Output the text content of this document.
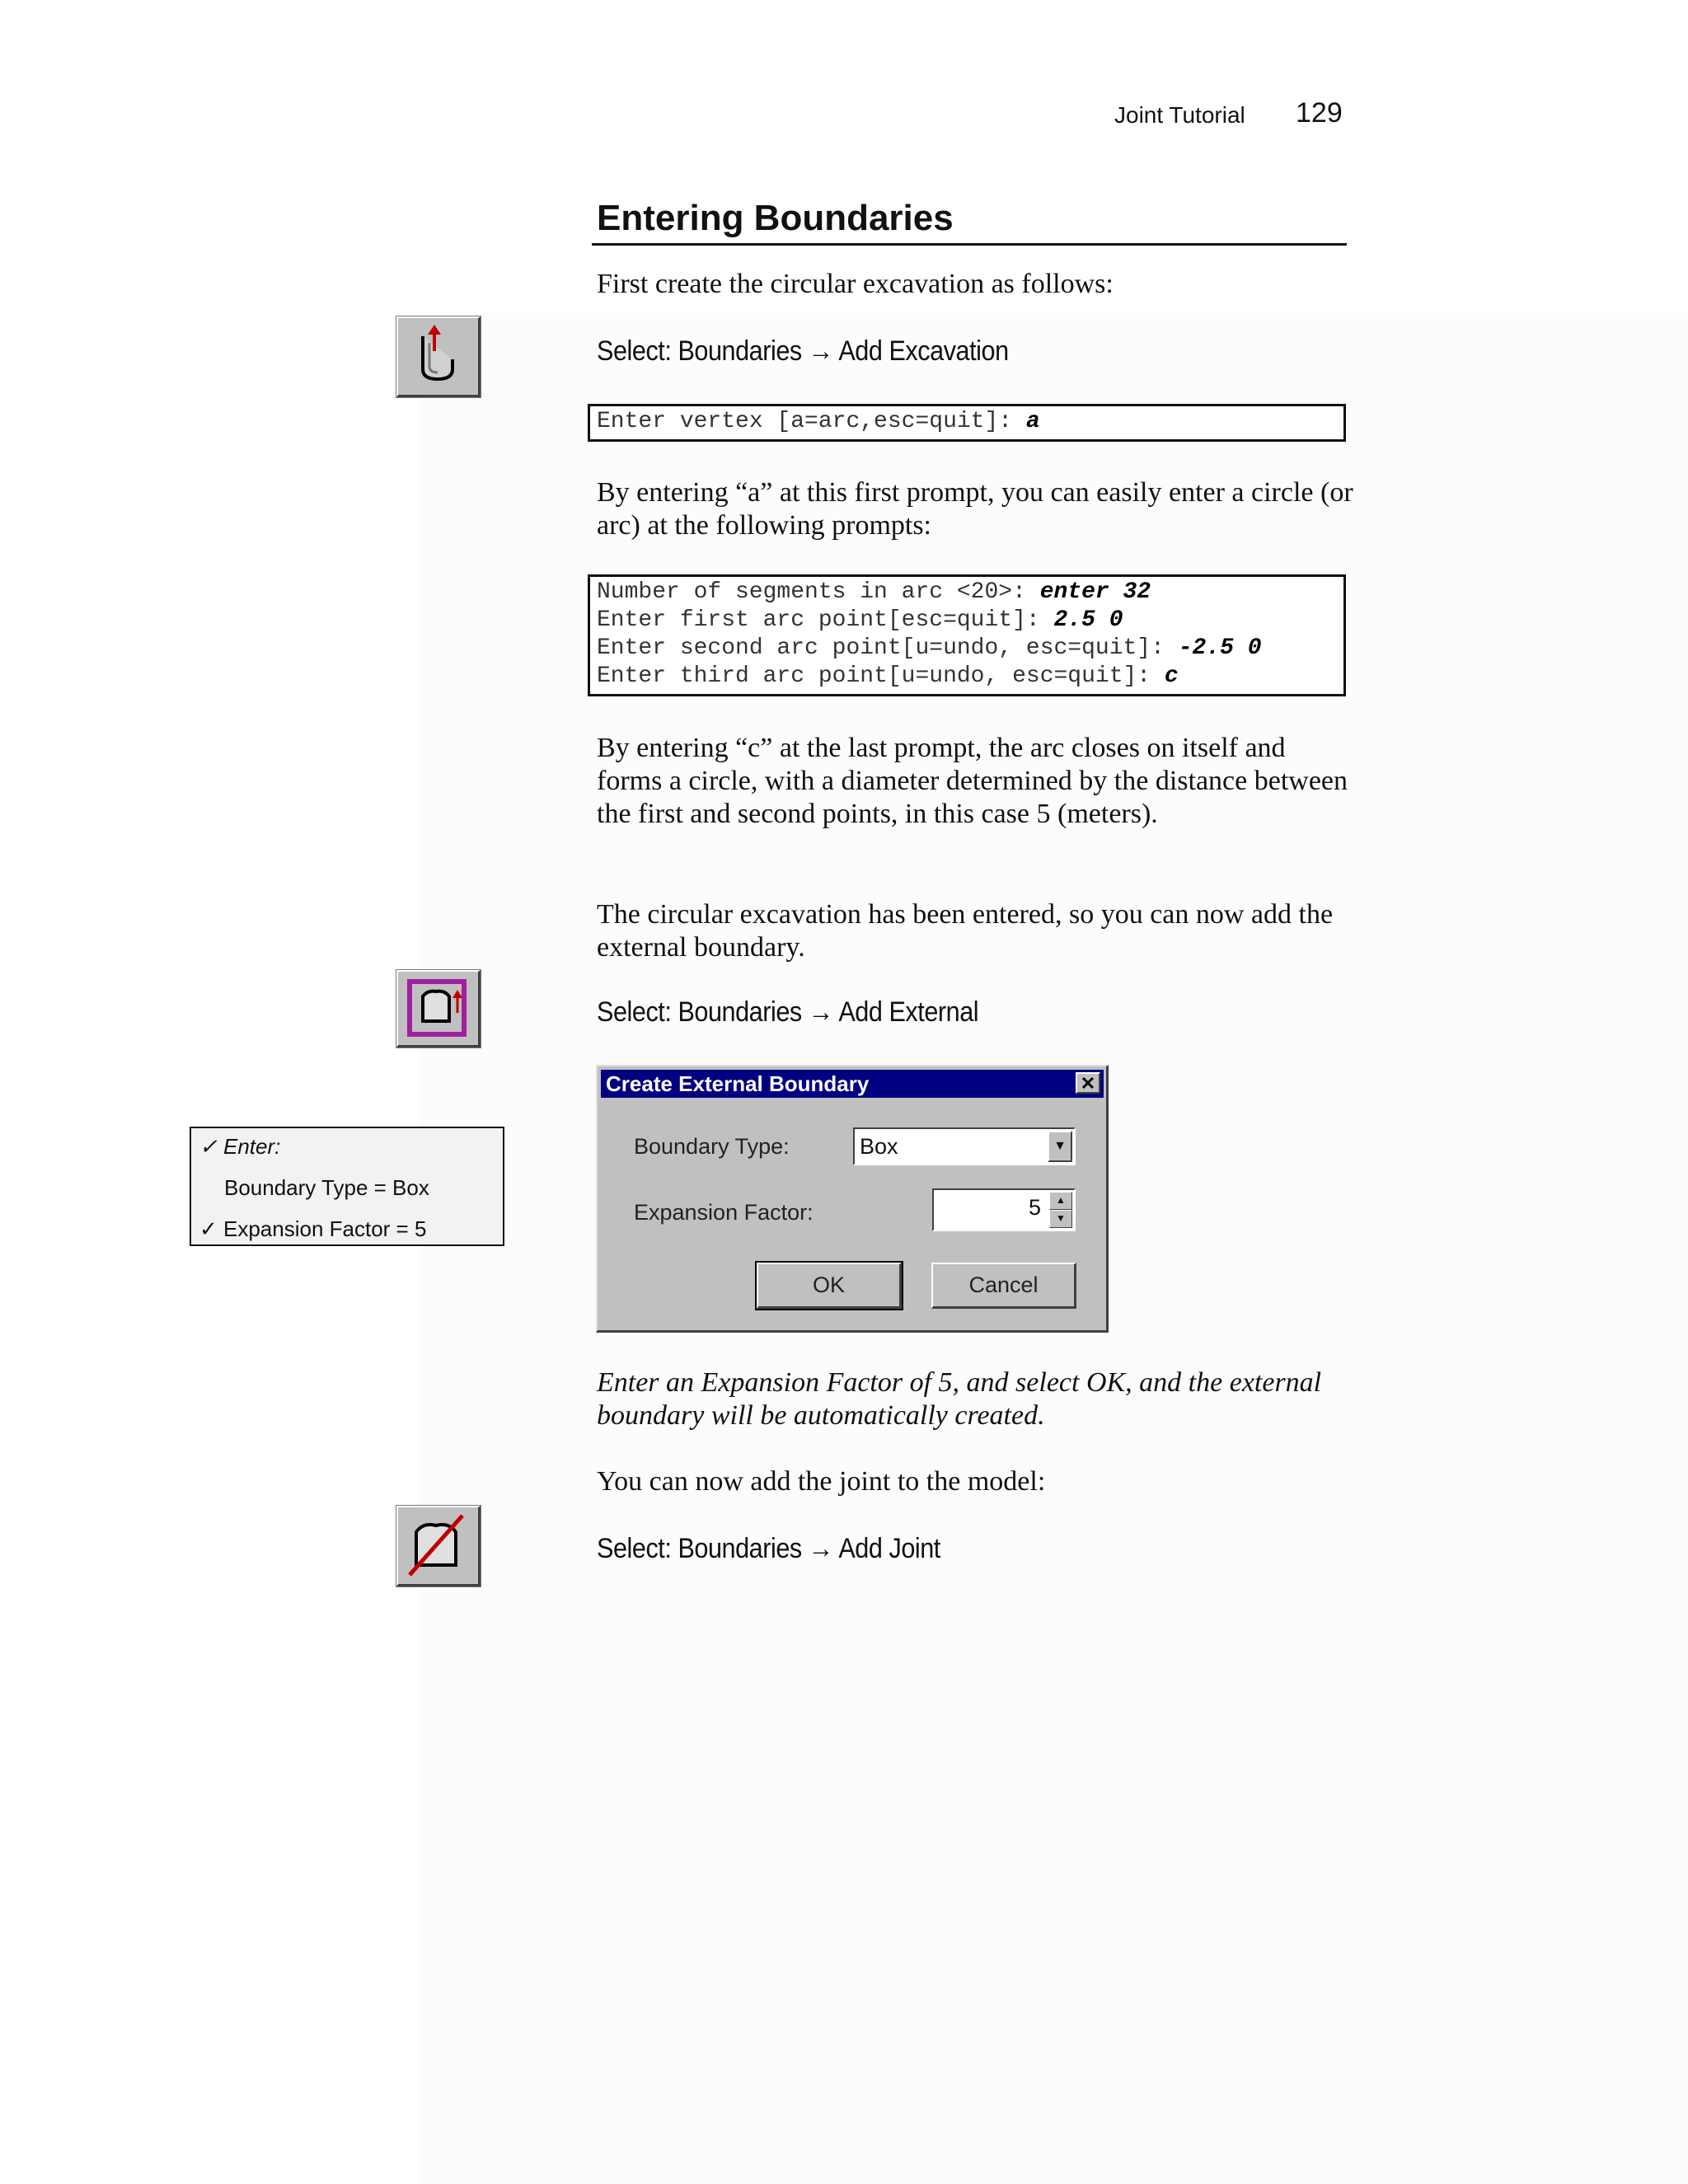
Joint Tutorial 129
Entering Boundaries
First create the circular excavation as follows:
Select: Boundaries → Add Excavation
Enter vertex [a=arc,esc=quit]: a
By entering “a” at this first prompt, you can easily enter a circle (or arc) at the following prompts:
Number of segments in arc <20>: enter 32
Enter first arc point[esc=quit]: 2.5 0
Enter second arc point[u=undo, esc=quit]: -2.5 0
Enter third arc point[u=undo, esc=quit]: c
By entering “c” at the last prompt, the arc closes on itself and forms a circle, with a diameter determined by the distance between the first and second points, in this case 5 (meters).
The circular excavation has been entered, so you can now add the external boundary.
Select: Boundaries → Add External
✓ Enter:
Boundary Type = Box
✓ Expansion Factor = 5
Create External Boundary	✕
Boundary Type:	Box	▼
Expansion Factor:	5	▲
▼
OK	Cancel
Enter an Expansion Factor of 5, and select OK, and the external boundary will be automatically created.
You can now add the joint to the model:
Select: Boundaries → Add Joint
